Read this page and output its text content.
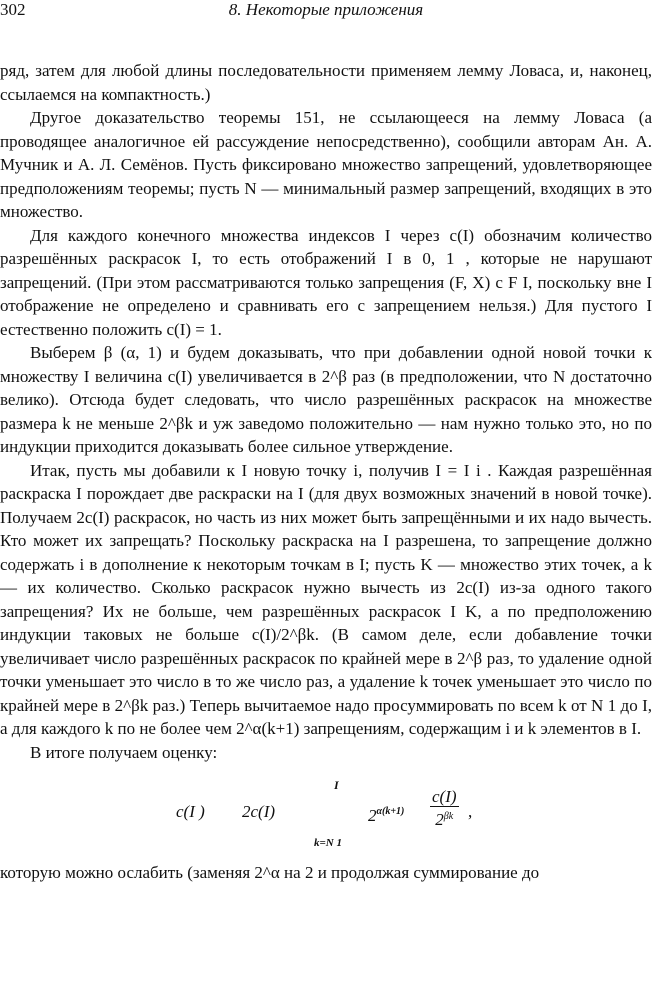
302	8. Некоторые приложения

ряд, затем для любой длины последовательности применяем лемму Ловаса, и, наконец, ссылаемся на компактность.)

Другое доказательство теоремы 151, не ссылающееся на лемму Ловаса (а проводящее аналогичное ей рассуждение непосредственно), сообщили авторам Ан. А. Мучник и А. Л. Семёнов. Пусть фиксировано множество запрещений, удовлетворяющее предположениям теоремы; пусть N — минимальный размер запрещений, входящих в это множество.

Для каждого конечного множества индексов I через c(I) обозначим количество разрешённых раскрасок I, то есть отображений I в 0, 1 , которые не нарушают запрещений. (При этом рассматриваются только запрещения (F, X) с F I, поскольку вне I отображение не определено и сравнивать его с запрещением нельзя.) Для пустого I естественно положить c(I) = 1.

Выберем β (α, 1) и будем доказывать, что при добавлении одной новой точки к множеству I величина c(I) увеличивается в 2^β раз (в предположении, что N достаточно велико). Отсюда будет следовать, что число разрешённых раскрасок на множестве размера k не меньше 2^βk и уж заведомо положительно — нам нужно только это, но по индукции приходится доказывать более сильное утверждение.

Итак, пусть мы добавили к I новую точку i, получив I = I i . Каждая разрешённая раскраска I порождает две раскраски на I (для двух возможных значений в новой точке). Получаем 2c(I) раскрасок, но часть из них может быть запрещёнными и их надо вычесть. Кто может их запрещать? Поскольку раскраска на I разрешена, то запрещение должно содержать i в дополнение к некоторым точкам в I; пусть K — множество этих точек, а k — их количество. Сколько раскрасок нужно вычесть из 2c(I) из-за одного такого запрещения? Их не больше, чем разрешённых раскрасок I K, а по предположению индукции таковых не больше c(I)/2^βk. (В самом деле, если добавление точки увеличивает число разрешённых раскрасок по крайней мере в 2^β раз, то удаление одной точки уменьшает это число в то же число раз, а удаление k точек уменьшает это число по крайней мере в 2^βk раз.) Теперь вычитаемое надо просуммировать по всем k от N 1 до I, а для каждого k по не более чем 2^α(k+1) запрещениям, содержащим i и k элементов в I.

В итоге получаем оценку:

c(I ) 2c(I)
I
k=N 1
$2^{\alpha(k+1)} \frac{c(I)}{2^{\beta k}}$ ,

которую можно ослабить (заменяя 2^α на 2 и продолжая суммирование до
